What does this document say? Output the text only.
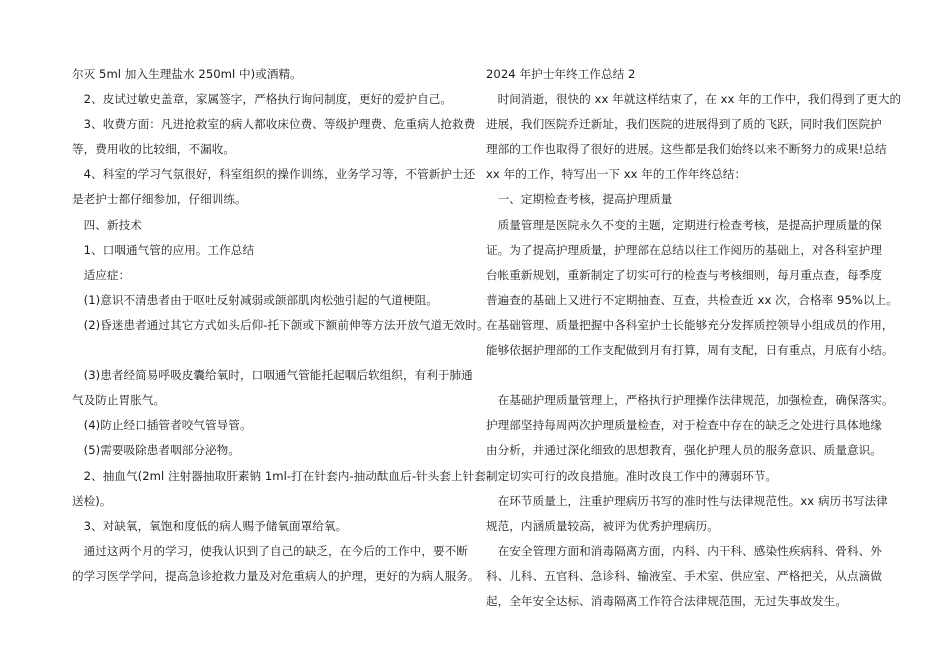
尔灭 5ml 加入生理盐水 250ml 中)或酒精。
　2、皮试过敏史盖章，家属签字，严格执行询问制度，更好的爱护自己。
　3、收费方面：凡进抢救室的病人都收床位费、等级护理费、危重病人抢救费
等，费用收的比较细，不漏收。
　4、科室的学习气氛很好，科室组织的操作训练，业务学习等，不管新护士还
是老护士都仔细参加，仔细训练。
　四、新技术
　1、口咽通气管的应用。工作总结
　适应症：
　(1)意识不清患者由于呕吐反射减弱或颌部肌肉松弛引起的气道梗阻。
　(2)昏迷患者通过其它方式如头后仰-托下颌或下额前伸等方法开放气道无效时。
　(3)患者经简易呼吸皮囊给氧时，口咽通气管能托起咽后软组织，有利于肺通
气及防止胃胀气。
　(4)防止经口插管者咬气管导管。
　(5)需要吸除患者咽部分泌物。
　2、抽血气(2ml 注射器抽取肝素钠 1ml-打在针套内-抽动酞血后-针头套上针套-
送检)。
　3、对缺氧，氧饱和度低的病人赐予储氧面罩给氧。
　通过这两个月的学习，使我认识到了自己的缺乏，在今后的工作中，要不断
的学习医学学问，提高急诊抢救力量及对危重病人的护理，更好的为病人服务。
2024 年护士年终工作总结 2
　时间消逝，很快的 xx 年就这样结束了，在 xx 年的工作中，我们得到了更大的
进展，我们医院乔迁新址，我们医院的进展得到了质的飞跃，同时我们医院护
理部的工作也取得了很好的进展。这些都是我们始终以来不断努力的成果!总结
xx 年的工作，特写出一下 xx 年的工作年终总结：
　一、定期检查考核，提高护理质量
　质量管理是医院永久不变的主题，定期进行检查考核，是提高护理质量的保
证。为了提高护理质量，护理部在总结以往工作阅历的基础上，对各科室护理
台帐重新规划，重新制定了切实可行的检查与考核细则，每月重点查，每季度
普遍查的基础上又进行不定期抽查、互查，共检查近 xx 次，合格率 95%以上。
在基础管理、质量把握中各科室护士长能够充分发挥质控领导小组成员的作用，
能够依据护理部的工作支配做到月有打算，周有支配，日有重点，月底有小结。
　在基础护理质量管理上，严格执行护理操作法律规范，加强检查，确保落实。
护理部坚持每周两次护理质量检查，对于检查中存在的缺乏之处进行具体地缘
由分析，并通过深化细致的思想教育，强化护理人员的服务意识、质量意识。
制定切实可行的改良措施。准时改良工作中的薄弱环节。
　在环节质量上，注重护理病历书写的准时性与法律规范性。xx 病历书写法律
规范，内涵质量较高，被评为优秀护理病历。
　在安全管理方面和消毒隔离方面，内科、内干科、感染性疾病科、骨科、外
科、儿科、五官科、急诊科、输液室、手术室、供应室、严格把关，从点滴做
起，全年安全达标、消毒隔离工作符合法律规范围，无过失事故发生。
